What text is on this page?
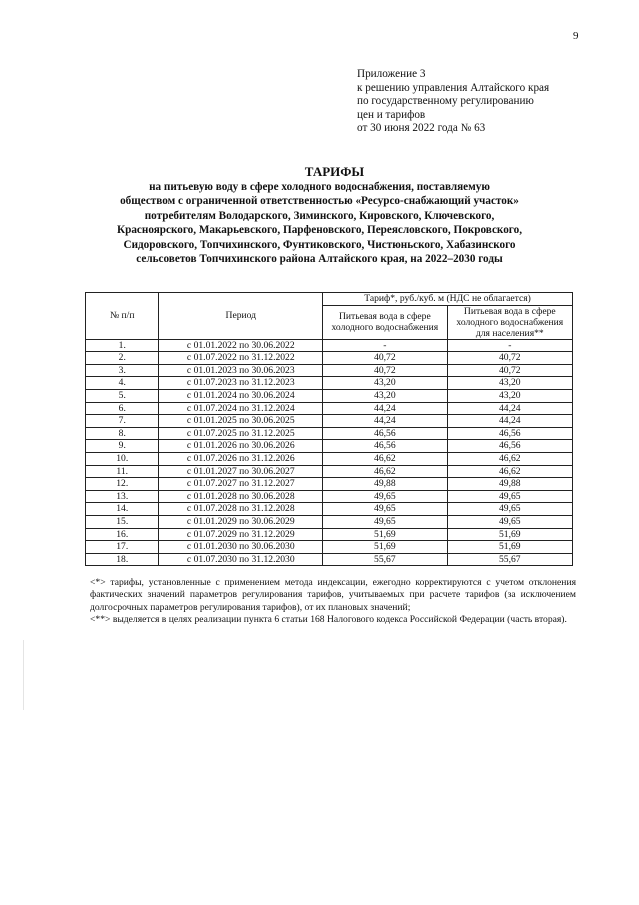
9
Приложение 3
к решению управления Алтайского края
по государственному регулированию
цен и тарифов
от 30 июня 2022 года № 63
ТАРИФЫ
на питьевую воду в сфере холодного водоснабжения, поставляемую
обществом с ограниченной ответственностью «Ресурсо-снабжающий участок»
потребителям Володарского, Зиминского, Кировского, Ключевского,
Красноярского, Макарьевского, Парфеновского, Переясловского, Покровского,
Сидоровского, Топчихинского, Фунтиковского, Чистюньского, Хабазинского
сельсоветов Топчихинского района Алтайского края, на 2022–2030 годы
№ п/п	Период	Тариф*, руб./куб. м (НДС не облагается)	
		Питьевая вода в сфере холодного водоснабжения	Питьевая вода в сфере холодного водоснабжения для населения**
1.	с 01.01.2022 по 30.06.2022	-	-
2.	с 01.07.2022 по 31.12.2022	40,72	40,72
3.	с 01.01.2023 по 30.06.2023	40,72	40,72
4.	с 01.07.2023 по 31.12.2023	43,20	43,20
5.	с 01.01.2024 по 30.06.2024	43,20	43,20
6.	с 01.07.2024 по 31.12.2024	44,24	44,24
7.	с 01.01.2025 по 30.06.2025	44,24	44,24
8.	с 01.07.2025 по 31.12.2025	46,56	46,56
9.	с 01.01.2026 по 30.06.2026	46,56	46,56
10.	с 01.07.2026 по 31.12.2026	46,62	46,62
11.	с 01.01.2027 по 30.06.2027	46,62	46,62
12.	с 01.07.2027 по 31.12.2027	49,88	49,88
13.	с 01.01.2028 по 30.06.2028	49,65	49,65
14.	с 01.07.2028 по 31.12.2028	49,65	49,65
15.	с 01.01.2029 по 30.06.2029	49,65	49,65
16.	с 01.07.2029 по 31.12.2029	51,69	51,69
17.	с 01.01.2030 по 30.06.2030	51,69	51,69
18.	с 01.07.2030 по 31.12.2030	55,67	55,67

<*> тарифы, установленные с применением метода индексации, ежегодно корректируются с учетом отклонения фактических значений параметров регулирования тарифов, учитываемых при расчете тарифов (за исключением долгосрочных параметров регулирования тарифов), от их плановых значений;

<**> выделяется в целях реализации пункта 6 статьи 168 Налогового кодекса Российской Федерации (часть вторая).
